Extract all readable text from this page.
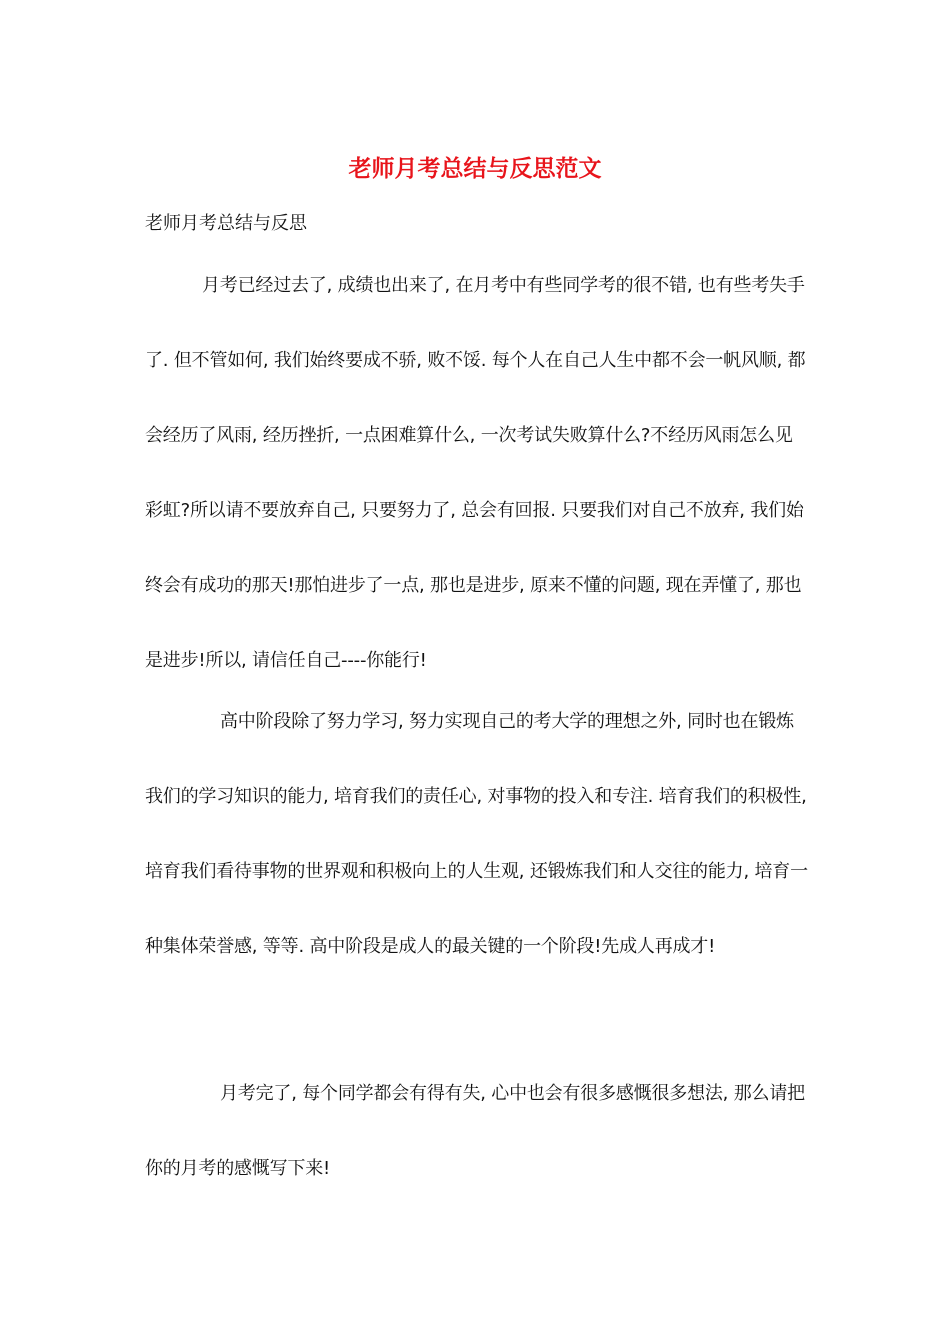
老师月考总结与反思范文

老师月考总结与反思

月考已经过去了, 成绩也出来了, 在月考中有些同学考的很不错, 也有些考失手了. 但不管如何, 我们始终要成不骄, 败不馁. 每个人在自己人生中都不会一帆风顺, 都会经历了风雨, 经历挫折, 一点困难算什么, 一次考试失败算什么?不经历风雨怎么见彩虹?所以请不要放弃自己, 只要努力了, 总会有回报. 只要我们对自己不放弃, 我们始终会有成功的那天!那怕进步了一点, 那也是进步, 原来不懂的问题, 现在弄懂了, 那也是进步!所以, 请信任自己----你能行!

高中阶段除了努力学习, 努力实现自己的考大学的理想之外, 同时也在锻炼我们的学习知识的能力, 培育我们的责任心, 对事物的投入和专注. 培育我们的积极性, 培育我们看待事物的世界观和积极向上的人生观, 还锻炼我们和人交往的能力, 培育一种集体荣誉感, 等等. 高中阶段是成人的最关键的一个阶段!先成人再成才!

月考完了, 每个同学都会有得有失, 心中也会有很多感慨很多想法, 那么请把你的月考的感慨写下来!
